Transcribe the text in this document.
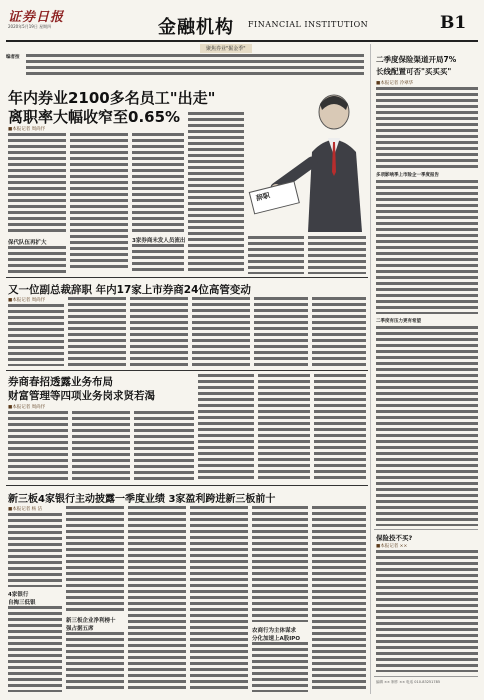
证券日报
2020年5月19日 星期四	金融机构 FINANCIAL INSTITUTION	B1
聚焦券业"掘金季"
编者按
年内券业2100多名员工"出走"
离职率大幅收窄至0.65%
■本报记者 周尚伃
保代队伍再扩大	3家券商未发人员流出
辞职
又一位副总裁辞职 年内17家上市券商24位高管变动
■本报记者 周尚伃
券商春招透露业务布局
财富管理等四项业务岗求贤若渴
■本报记者 周尚伃
新三板4家银行主动披露一季度业绩 3家盈利跨进新三板前十
■本报记者 杨 洁
4家银行
自掏三低银
新三板企业净利榜十
强占据五席	农商行为主体谋求
分化加速上A股IPO
二季度保险渠道开局7%
长线配置可否"买买买"
■本报记者 冷翠华
多项影响季上市险企一季度报告
二季度有压力更有希望
保险投不买?
■本报记者 ××
编辑 ×× 制作 ×× 电话 010-83251785
